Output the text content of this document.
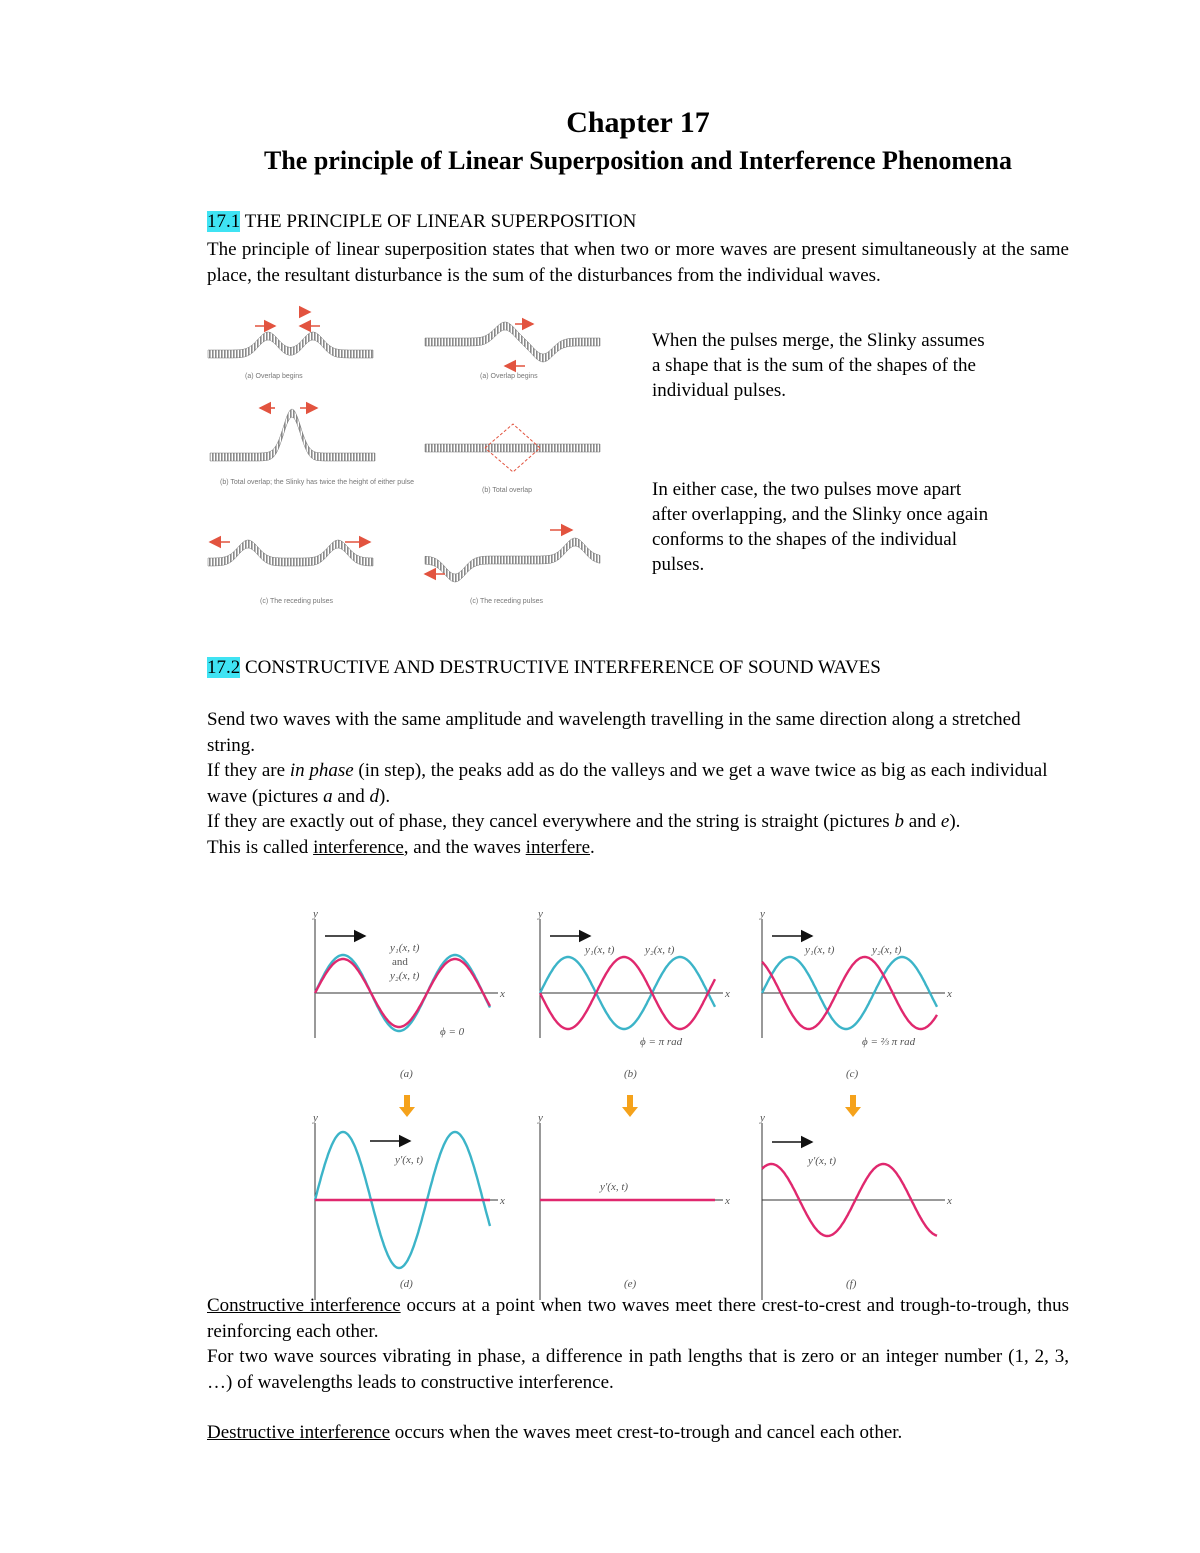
Chapter 17
The principle of Linear Superposition and Interference Phenomena
17.1 THE PRINCIPLE OF LINEAR SUPERPOSITION
The principle of linear superposition states that when two or more waves are present simultaneously at the same place, the resultant disturbance is the sum of the disturbances from the individual waves.
(a) Overlap begins	(a) Overlap begins
(b) Total overlap; the Slinky has twice the height of either pulse
(b) Total overlap
(c) The receding pulses	(c) The receding pulses
When the pulses merge, the Slinky assumes a shape that is the sum of the shapes of the individual pulses.
In either case, the two pulses move apart after overlapping, and the Slinky once again conforms to the shapes of the individual pulses.
17.2 CONSTRUCTIVE AND DESTRUCTIVE INTERFERENCE OF SOUND WAVES
Send two waves with the same amplitude and wavelength travelling in the same direction along a stretched string.
If they are in phase (in step), the peaks add as do the valleys and we get a wave twice as big as each individual wave (pictures a and d).
If they are exactly out of phase, they cancel everywhere and the string is straight (pictures b and e).
This is called interference, and the waves interfere.
y
x
y
x
y
x
y
x
y
x
y
x
y₁(x, t)
and
y₂(x, t)
ϕ = 0
y₁(x, t)	y₂(x, t)
ϕ = π rad
y₁(x, t)	y₂(x, t)
ϕ = ⅔ π rad
y′(x, t)
y′(x, t)
y′(x, t)
(a)	(b)	(c)
(d)	(e)	(f)
Constructive interference occurs at a point when two waves meet there crest-to-crest and trough-to-trough, thus reinforcing each other.
For two wave sources vibrating in phase, a difference in path lengths that is zero or an integer number (1, 2, 3, …) of wavelengths leads to constructive interference.
Destructive interference occurs when the waves meet crest-to-trough and cancel each other.
